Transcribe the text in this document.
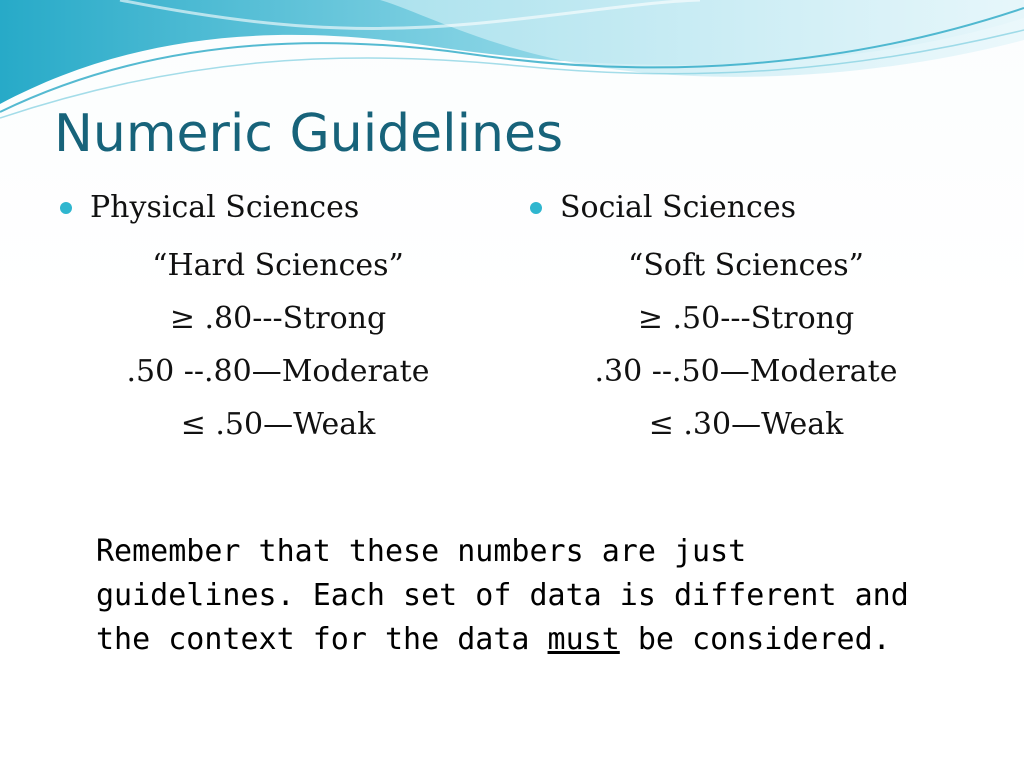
Numeric Guidelines
Physical Sciences
“Hard Sciences”
≥ .80---Strong
.50 --.80—Moderate
≤ .50—Weak
Social Sciences
“Soft Sciences”
≥ .50---Strong
.30 --.50—Moderate
≤ .30—Weak
Remember that these numbers are just
guidelines. Each set of data is different and
the context for the data must be considered.
